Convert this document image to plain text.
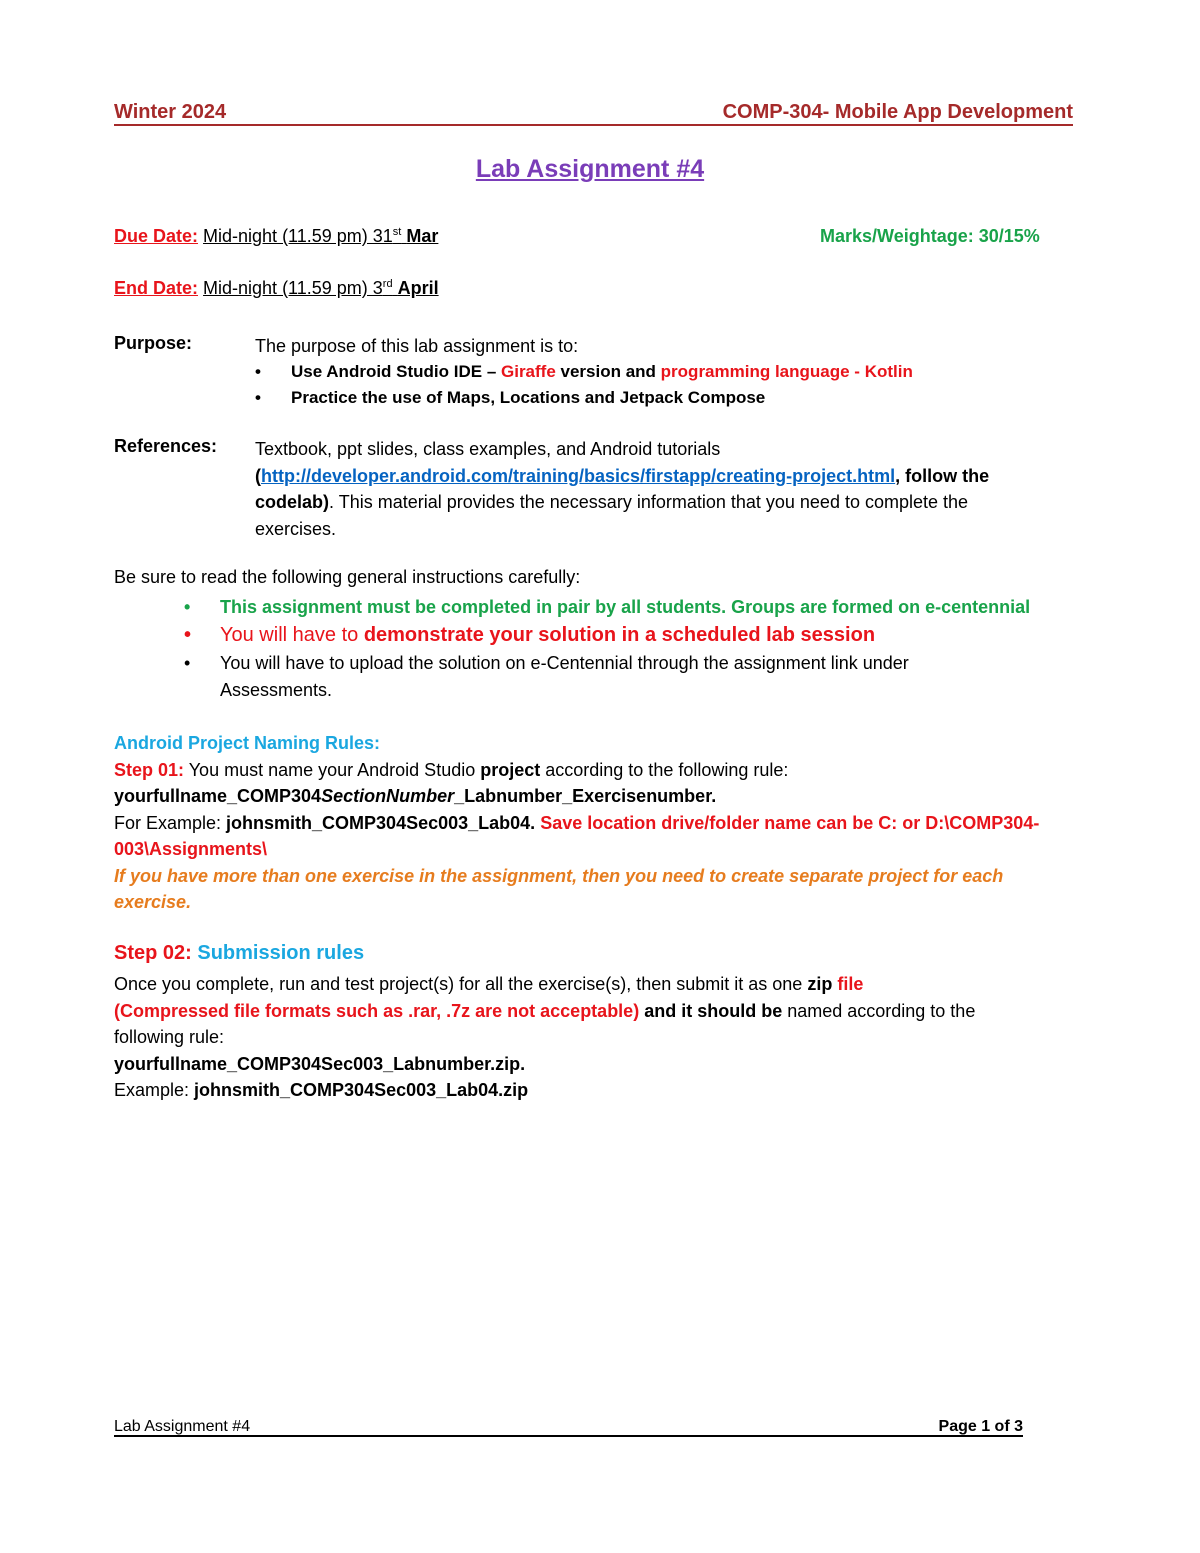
Winter 2024	COMP-304- Mobile App Development
Lab Assignment #4
Due Date: Mid-night (11.59 pm) 31st Mar	Marks/Weightage: 30/15%
End Date: Mid-night (11.59 pm) 3rd April
Purpose:	The purpose of this lab assignment is to:
• Use Android Studio IDE – Giraffe version and programming language - Kotlin
• Practice the use of Maps, Locations and Jetpack Compose
References: Textbook, ppt slides, class examples, and Android tutorials
(http://developer.android.com/training/basics/firstapp/creating-project.html, follow the
codelab). This material provides the necessary information that you need to complete the
exercises.
Be sure to read the following general instructions carefully:
• This assignment must be completed in pair by all students. Groups are formed on e-centennial
• You will have to demonstrate your solution in a scheduled lab session
• You will have to upload the solution on e-Centennial through the assignment link under
Assessments.
Android Project Naming Rules:
Step 01: You must name your Android Studio project according to the following rule:
yourfullname_COMP304SectionNumber_Labnumber_Exercisenumber.
For Example: johnsmith_COMP304Sec003_Lab04. Save location drive/folder name can be C: or D:\COMP304-
003\Assignments\
If you have more than one exercise in the assignment, then you need to create separate project for each
exercise.
Step 02: Submission rules
Once you complete, run and test project(s) for all the exercise(s), then submit it as one zip file
(Compressed file formats such as .rar, .7z are not acceptable) and it should be named according to the
following rule:
yourfullname_COMP304Sec003_Labnumber.zip.
Example: johnsmith_COMP304Sec003_Lab04.zip
Lab Assignment #4	Page 1 of 3
